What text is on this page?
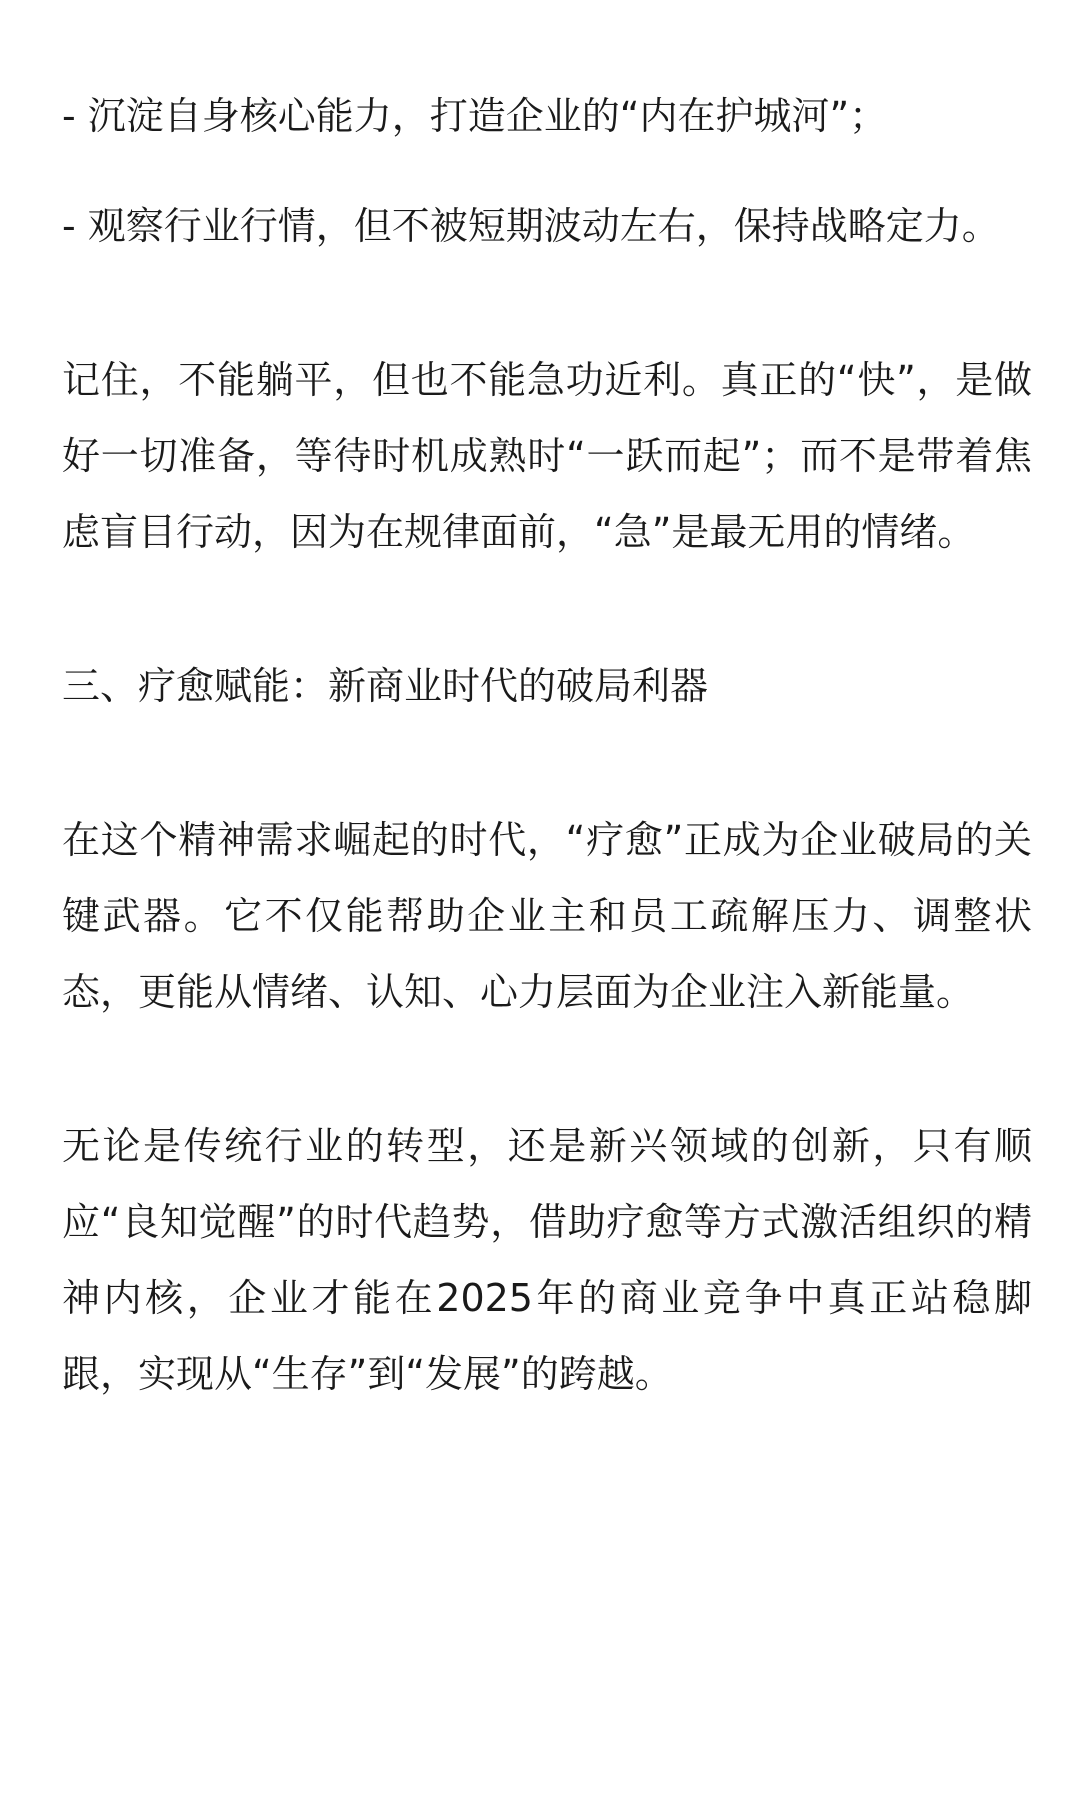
- 沉淀自身核心能力，打造企业的“内在护城河”；

- 观察行业行情，但不被短期波动左右，保持战略定力。

记住，不能躺平，但也不能急功近利。真正的“快”，是做好一切准备，等待时机成熟时“一跃而起”；而不是带着焦虑盲目行动，因为在规律面前，“急”是最无用的情绪。

三、疗愈赋能：新商业时代的破局利器

在这个精神需求崛起的时代，“疗愈”正成为企业破局的关键武器。它不仅能帮助企业主和员工疏解压力、调整状态，更能从情绪、认知、心力层面为企业注入新能量。

无论是传统行业的转型，还是新兴领域的创新，只有顺应“良知觉醒”的时代趋势，借助疗愈等方式激活组织的精神内核，企业才能在2025年的商业竞争中真正站稳脚跟，实现从“生存”到“发展”的跨越。
